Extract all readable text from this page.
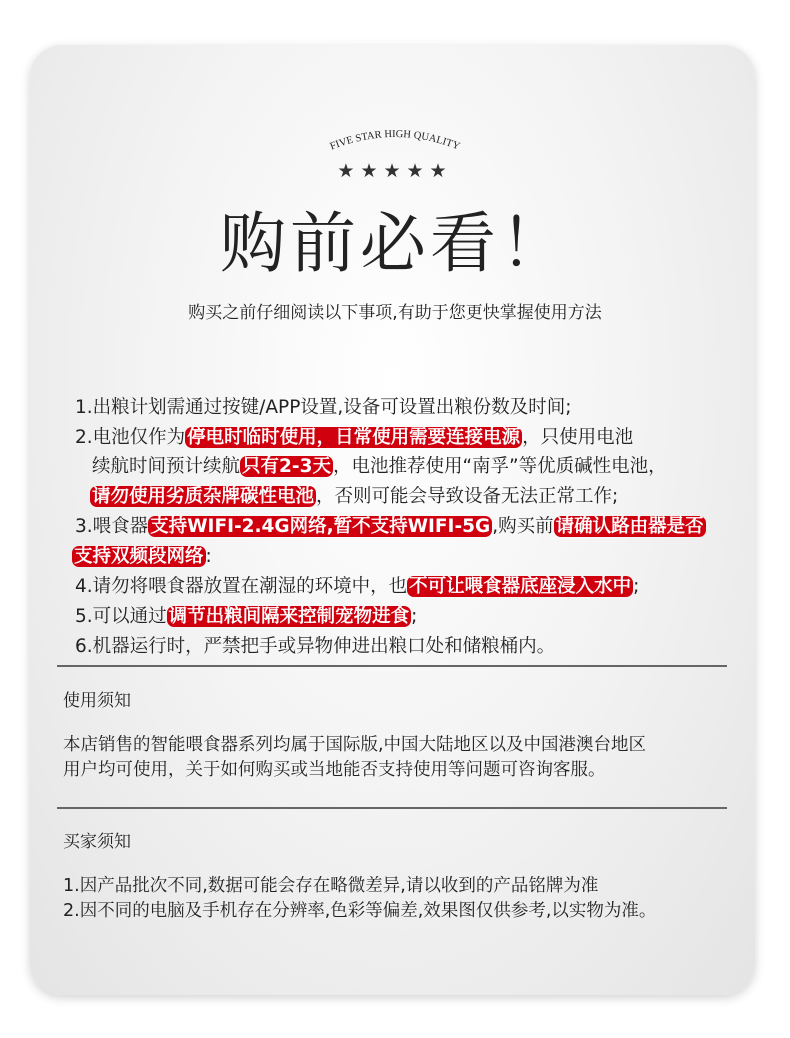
FIVE STAR HIGH QUALITY
★★★★★
购前必看！
购买之前仔细阅读以下事项,有助于您更快掌握使用方法
1.出粮计划需通过按键/APP设置,设备可设置出粮份数及时间;
2.电池仅作为 停电时临时使用，日常使用需要连接电源 ，只使用电池
续航时间预计续航 只有2-3天 ，电池推荐使用“南孚”等优质碱性电池，
请勿使用劣质杂牌碳性电池 ，否则可能会导致设备无法正常工作;
3.喂食器 支持WIFI-2.4G网络,暂不支持WIFI-5G ,购买前 请确认路由器是否
支持双频段网络 :
4.请勿将喂食器放置在潮湿的环境中，也 不可让喂食器底座浸入水中 ;
5.可以通过 调节出粮间隔来控制宠物进食 ;
6.机器运行时，严禁把手或异物伸进出粮口处和储粮桶内。
使用须知
本店销售的智能喂食器系列均属于国际版,中国大陆地区以及中国港澳台地区
用户均可使用，关于如何购买或当地能否支持使用等问题可咨询客服。
买家须知
1.因产品批次不同,数据可能会存在略微差异,请以收到的产品铭牌为准
2.因不同的电脑及手机存在分辨率,色彩等偏差,效果图仅供参考,以实物为准。
